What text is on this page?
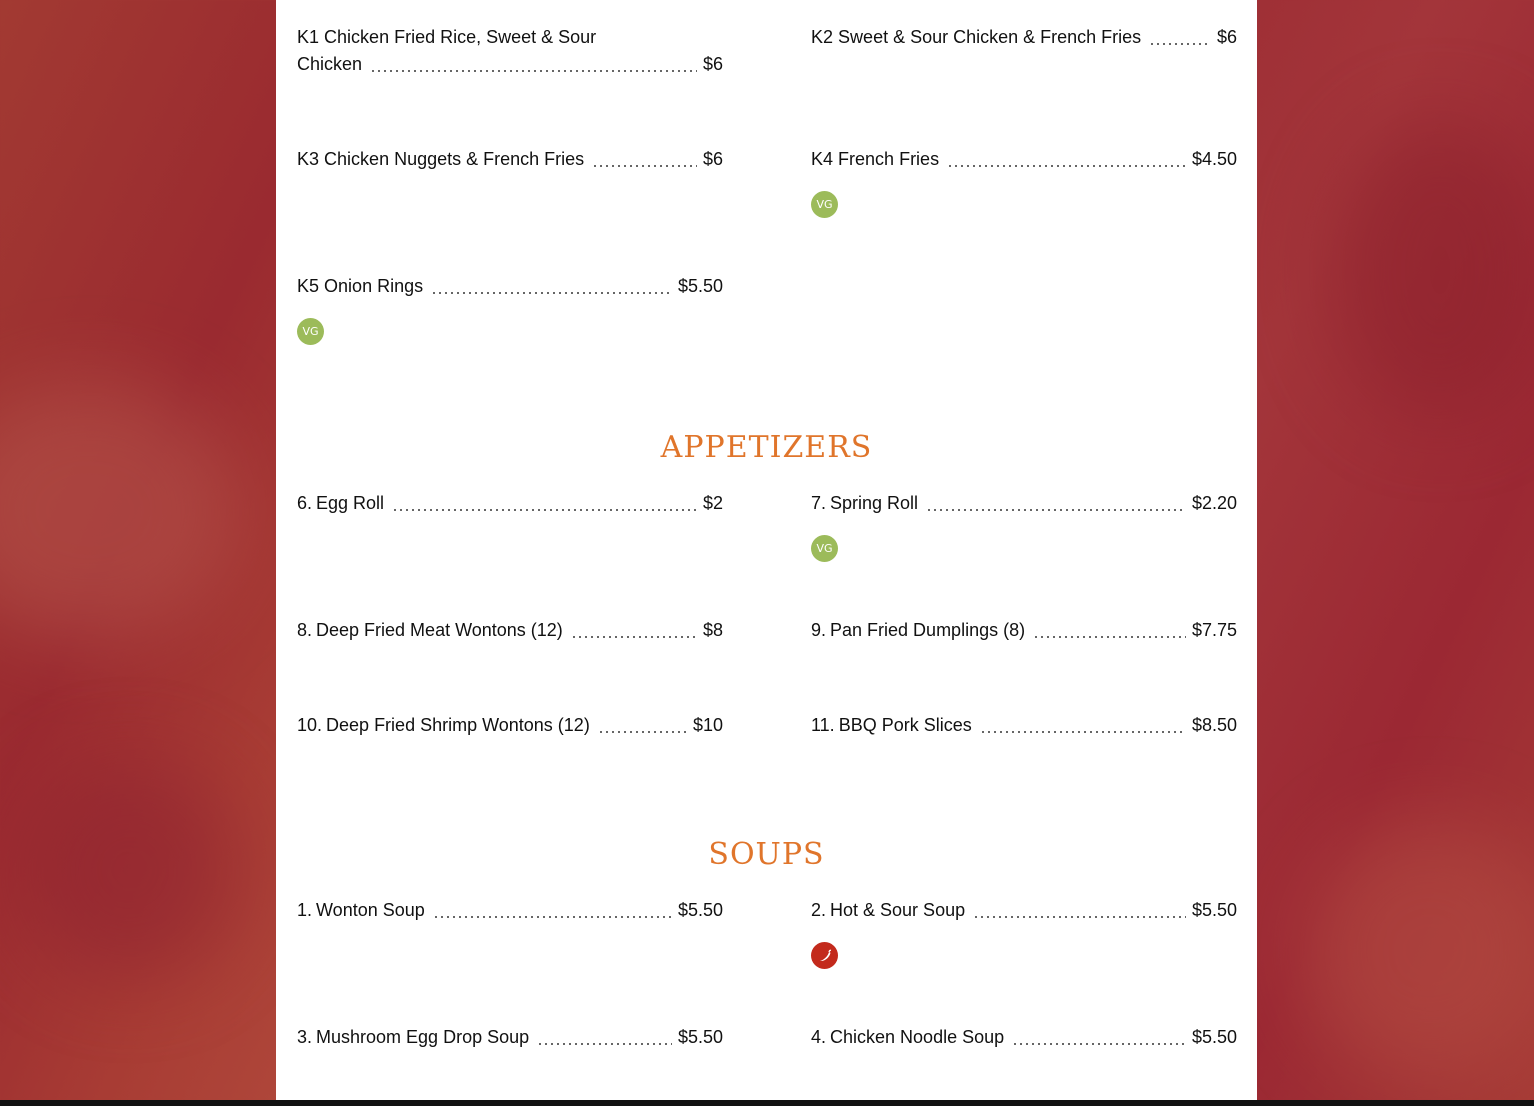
K1 Chicken Fried Rice, Sweet & Sour
Chicken	$6
K2 Sweet & Sour Chicken & French Fries	$6
K3 Chicken Nuggets & French Fries	$6	K4 French Fries	$4.50
VG
K5 Onion Rings	$5.50
VG
APPETIZERS
6. Egg Roll	$2	7. Spring Roll	$2.20
VG
8. Deep Fried Meat Wontons (12)	$8	9. Pan Fried Dumplings (8)	$7.75
10. Deep Fried Shrimp Wontons (12)	$10	11. BBQ Pork Slices	$8.50
SOUPS
1. Wonton Soup	$5.50	2. Hot & Sour Soup	$5.50
3. Mushroom Egg Drop Soup	$5.50	4. Chicken Noodle Soup	$5.50
